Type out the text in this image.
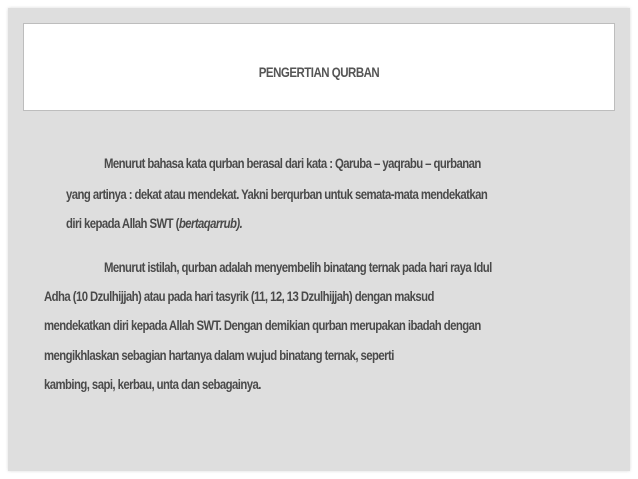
PENGERTIAN QURBAN
Menurut bahasa kata qurban berasal dari kata : Qaruba – yaqrabu – qurbanan
yang artinya : dekat atau mendekat. Yakni berqurban untuk semata-mata mendekatkan
diri kepada Allah SWT (bertaqarrub).
Menurut istilah, qurban adalah menyembelih binatang ternak pada hari raya Idul
Adha (10 Dzulhijjah) atau pada hari tasyrik (11, 12, 13 Dzulhijjah) dengan maksud
mendekatkan diri kepada Allah SWT. Dengan demikian qurban merupakan ibadah dengan
mengikhlaskan sebagian hartanya dalam wujud binatang ternak, seperti
kambing, sapi, kerbau, unta dan sebagainya.
